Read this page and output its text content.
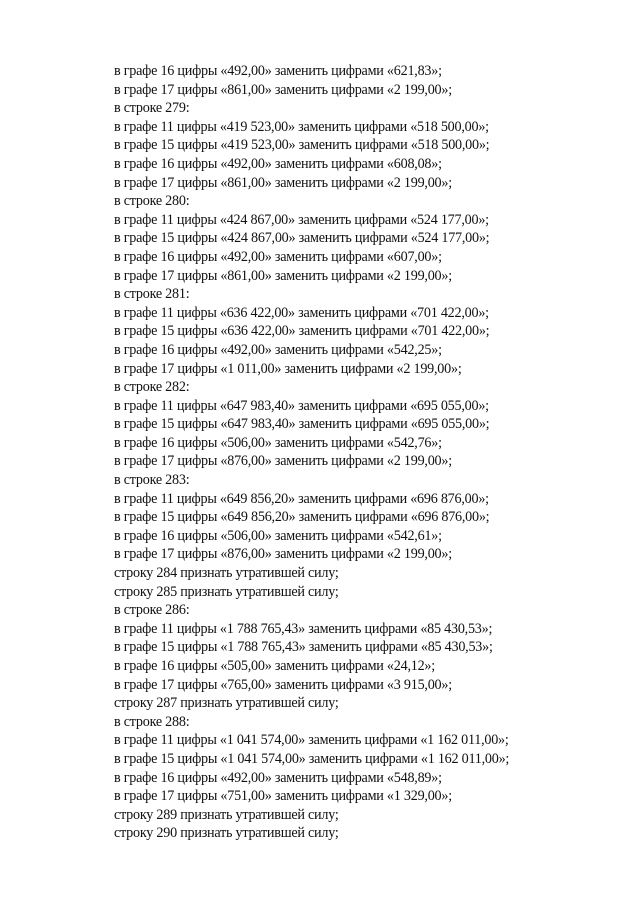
в графе 16 цифры «492,00» заменить цифрами «621,83»;
в графе 17 цифры «861,00» заменить цифрами «2 199,00»;
в строке 279:
в графе 11 цифры «419 523,00» заменить цифрами «518 500,00»;
в графе 15 цифры «419 523,00» заменить цифрами «518 500,00»;
в графе 16 цифры «492,00» заменить цифрами «608,08»;
в графе 17 цифры «861,00» заменить цифрами «2 199,00»;
в строке 280:
в графе 11 цифры «424 867,00» заменить цифрами «524 177,00»;
в графе 15 цифры «424 867,00» заменить цифрами «524 177,00»;
в графе 16 цифры «492,00» заменить цифрами «607,00»;
в графе 17 цифры «861,00» заменить цифрами «2 199,00»;
в строке 281:
в графе 11 цифры «636 422,00» заменить цифрами «701 422,00»;
в графе 15 цифры «636 422,00» заменить цифрами «701 422,00»;
в графе 16 цифры «492,00» заменить цифрами «542,25»;
в графе 17 цифры «1 011,00» заменить цифрами «2 199,00»;
в строке 282:
в графе 11 цифры «647 983,40» заменить цифрами «695 055,00»;
в графе 15 цифры «647 983,40» заменить цифрами «695 055,00»;
в графе 16 цифры «506,00» заменить цифрами «542,76»;
в графе 17 цифры «876,00» заменить цифрами «2 199,00»;
в строке 283:
в графе 11 цифры «649 856,20» заменить цифрами «696 876,00»;
в графе 15 цифры «649 856,20» заменить цифрами «696 876,00»;
в графе 16 цифры «506,00» заменить цифрами «542,61»;
в графе 17 цифры «876,00» заменить цифрами «2 199,00»;
строку 284 признать утратившей силу;
строку 285 признать утратившей силу;
в строке 286:
в графе 11 цифры «1 788 765,43» заменить цифрами «85 430,53»;
в графе 15 цифры «1 788 765,43» заменить цифрами «85 430,53»;
в графе 16 цифры «505,00» заменить цифрами «24,12»;
в графе 17 цифры «765,00» заменить цифрами «3 915,00»;
строку 287 признать утратившей силу;
в строке 288:
в графе 11 цифры «1 041 574,00» заменить цифрами «1 162 011,00»;
в графе 15 цифры «1 041 574,00» заменить цифрами «1 162 011,00»;
в графе 16 цифры «492,00» заменить цифрами «548,89»;
в графе 17 цифры «751,00» заменить цифрами «1 329,00»;
строку 289 признать утратившей силу;
строку 290 признать утратившей силу;
